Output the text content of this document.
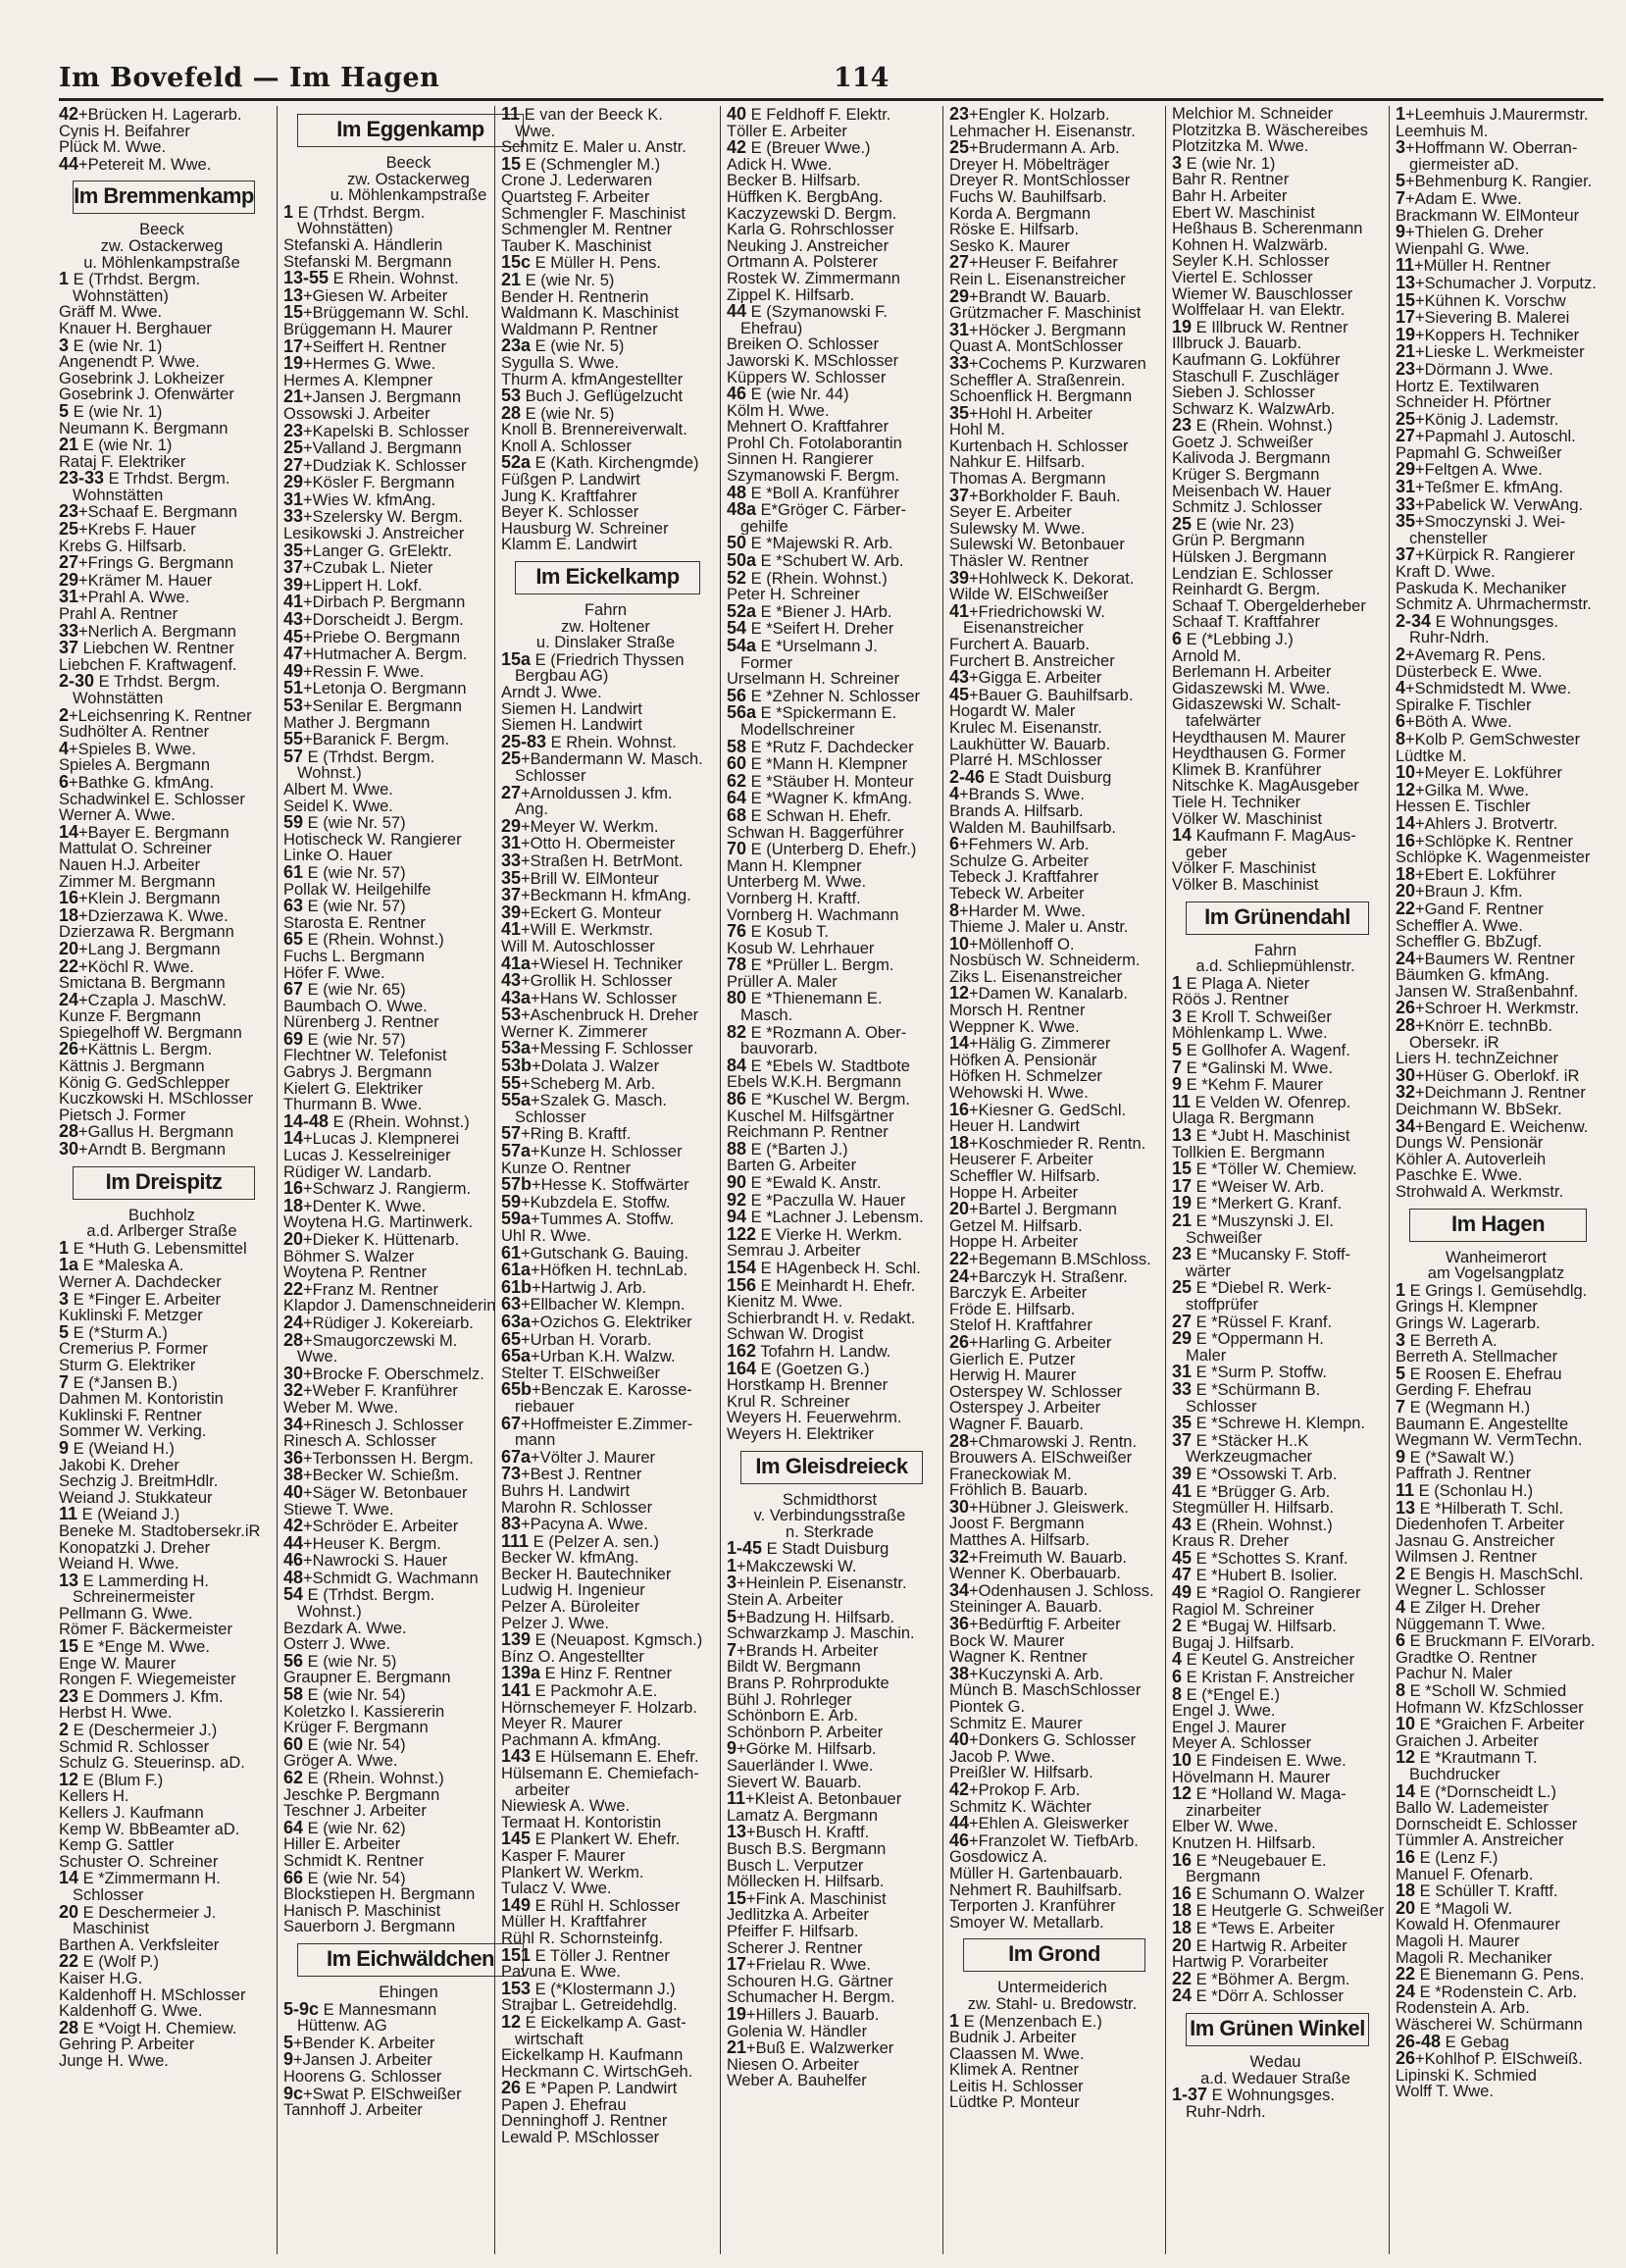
Im Bovefeld — Im Hagen	114
42+Brücken H. Lagerarb.
Cynis H. Beifahrer
Plück M. Wwe.
44+Petereit M. Wwe.
Im Bremmenkamp
Beeck
zw. Ostackerweg
u. Möhlenkampstraße
1 E (Trhdst. Bergm.
Wohnstätten)
Gräff M. Wwe.
Knauer H. Berghauer
3 E (wie Nr. 1)
Angenendt P. Wwe.
Gosebrink J. Lokheizer
Gosebrink J. Ofenwärter
5 E (wie Nr. 1)
Neumann K. Bergmann
21 E (wie Nr. 1)
Rataj F. Elektriker
23-33 E Trhdst. Bergm.
Wohnstätten
23+Schaaf E. Bergmann
25+Krebs F. Hauer
Krebs G. Hilfsarb.
27+Frings G. Bergmann
29+Krämer M. Hauer
31+Prahl A. Wwe.
Prahl A. Rentner
33+Nerlich A. Bergmann
37 Liebchen W. Rentner
Liebchen F. Kraftwagenf.
2-30 E Trhdst. Bergm.
Wohnstätten
2+Leichsenring K. Rentner
Sudhölter A. Rentner
4+Spieles B. Wwe.
Spieles A. Bergmann
6+Bathke G. kfmAng.
Schadwinkel E. Schlosser
Werner A. Wwe.
14+Bayer E. Bergmann
Mattulat O. Schreiner
Nauen H.J. Arbeiter
Zimmer M. Bergmann
16+Klein J. Bergmann
18+Dzierzawa K. Wwe.
Dzierzawa R. Bergmann
20+Lang J. Bergmann
22+Köchl R. Wwe.
Smictana B. Bergmann
24+Czapla J. MaschW.
Kunze F. Bergmann
Spiegelhoff W. Bergmann
26+Kättnis L. Bergm.
Kättnis J. Bergmann
König G. GedSchlepper
Kuczkowski H. MSchlosser
Pietsch J. Former
28+Gallus H. Bergmann
30+Arndt B. Bergmann
Im Dreispitz
Buchholz
a.d. Arlberger Straße
1 E *Huth G. Lebensmittel
1a E *Maleska A.
Werner A. Dachdecker
3 E *Finger E. Arbeiter
Kuklinski F. Metzger
5 E (*Sturm A.)
Cremerius P. Former
Sturm G. Elektriker
7 E (*Jansen B.)
Dahmen M. Kontoristin
Kuklinski F. Rentner
Sommer W. Verking.
9 E (Weiand H.)
Jakobi K. Dreher
Sechzig J. BreitmHdlr.
Weiand J. Stukkateur
11 E (Weiand J.)
Beneke M. Stadtobersekr.iR
Konopatzki J. Dreher
Weiand H. Wwe.
13 E Lammerding H.
Schreinermeister
Pellmann G. Wwe.
Römer F. Bäckermeister
15 E *Enge M. Wwe.
Enge W. Maurer
Rongen F. Wiegemeister
23 E Dommers J. Kfm.
Herbst H. Wwe.
2 E (Deschermeier J.)
Schmid R. Schlosser
Schulz G. Steuerinsp. aD.
12 E (Blum F.)
Kellers H.
Kellers J. Kaufmann
Kemp W. BbBeamter aD.
Kemp G. Sattler
Schuster O. Schreiner
14 E *Zimmermann H.
Schlosser
20 E Deschermeier J.
Maschinist
Barthen A. Verkfsleiter
22 E (Wolf P.)
Kaiser H.G.
Kaldenhoff H. MSchlosser
Kaldenhoff G. Wwe.
28 E *Voigt H. Chemiew.
Gehring P. Arbeiter
Junge H. Wwe.
Im Eggenkamp
Beeck
zw. Ostackerweg
u. Möhlenkampstraße
1 E (Trhdst. Bergm.
Wohnstätten)
Stefanski A. Händlerin
Stefanski M. Bergmann
13-55 E Rhein. Wohnst.
13+Giesen W. Arbeiter
15+Brüggemann W. Schl.
Brüggemann H. Maurer
17+Seiffert H. Rentner
19+Hermes G. Wwe.
Hermes A. Klempner
21+Jansen J. Bergmann
Ossowski J. Arbeiter
23+Kapelski B. Schlosser
25+Valland J. Bergmann
27+Dudziak K. Schlosser
29+Kösler F. Bergmann
31+Wies W. kfmAng.
33+Szelersky W. Bergm.
Lesikowski J. Anstreicher
35+Langer G. GrElektr.
37+Czubak L. Nieter
39+Lippert H. Lokf.
41+Dirbach P. Bergmann
43+Dorscheidt J. Bergm.
45+Priebe O. Bergmann
47+Hutmacher A. Bergm.
49+Ressin F. Wwe.
51+Letonja O. Bergmann
53+Senilar E. Bergmann
Mather J. Bergmann
55+Baranick F. Bergm.
57 E (Trhdst. Bergm.
Wohnst.)
Albert M. Wwe.
Seidel K. Wwe.
59 E (wie Nr. 57)
Hotischeck W. Rangierer
Linke O. Hauer
61 E (wie Nr. 57)
Pollak W. Heilgehilfe
63 E (wie Nr. 57)
Starosta E. Rentner
65 E (Rhein. Wohnst.)
Fuchs L. Bergmann
Höfer F. Wwe.
67 E (wie Nr. 65)
Baumbach O. Wwe.
Nürenberg J. Rentner
69 E (wie Nr. 57)
Flechtner W. Telefonist
Gabrys J. Bergmann
Kielert G. Elektriker
Thurmann B. Wwe.
14-48 E (Rhein. Wohnst.)
14+Lucas J. Klempnerei
Lucas J. Kesselreiniger
Rüdiger W. Landarb.
16+Schwarz J. Rangierm.
18+Denter K. Wwe.
Woytena H.G. Martinwerk.
20+Dieker K. Hüttenarb.
Böhmer S. Walzer
Woytena P. Rentner
22+Franz M. Rentner
Klapdor J. Damenschneiderin
24+Rüdiger J. Kokereiarb.
28+Smaugorczewski M.
Wwe.
30+Brocke F. Oberschmelz.
32+Weber F. Kranführer
Weber M. Wwe.
34+Rinesch J. Schlosser
Rinesch A. Schlosser
36+Terbonssen H. Bergm.
38+Becker W. Schießm.
40+Säger W. Betonbauer
Stiewe T. Wwe.
42+Schröder E. Arbeiter
44+Heuser K. Bergm.
46+Nawrocki S. Hauer
48+Schmidt G. Wachmann
54 E (Trhdst. Bergm.
Wohnst.)
Bezdark A. Wwe.
Osterr J. Wwe.
56 E (wie Nr. 5)
Graupner E. Bergmann
58 E (wie Nr. 54)
Koletzko I. Kassiererin
Krüger F. Bergmann
60 E (wie Nr. 54)
Gröger A. Wwe.
62 E (Rhein. Wohnst.)
Jeschke P. Bergmann
Teschner J. Arbeiter
64 E (wie Nr. 62)
Hiller E. Arbeiter
Schmidt K. Rentner
66 E (wie Nr. 54)
Blockstiepen H. Bergmann
Hanisch P. Maschinist
Sauerborn J. Bergmann
Im Eichwäldchen
Ehingen
5-9c E Mannesmann
Hüttenw. AG
5+Bender K. Arbeiter
9+Jansen J. Arbeiter
Hoorens G. Schlosser
9c+Swat P. ElSchweißer
Tannhoff J. Arbeiter
11 E van der Beeck K.
Wwe.
Schmitz E. Maler u. Anstr.
15 E (Schmengler M.)
Crone J. Lederwaren
Quartsteg F. Arbeiter
Schmengler F. Maschinist
Schmengler M. Rentner
Tauber K. Maschinist
15c E Müller H. Pens.
21 E (wie Nr. 5)
Bender H. Rentnerin
Waldmann K. Maschinist
Waldmann P. Rentner
23a E (wie Nr. 5)
Sygulla S. Wwe.
Thurm A. kfmAngestellter
53 Buch J. Geflügelzucht
28 E (wie Nr. 5)
Knoll B. Brennereiverwalt.
Knoll A. Schlosser
52a E (Kath. Kirchengmde)
Füßgen P. Landwirt
Jung K. Kraftfahrer
Beyer K. Schlosser
Hausburg W. Schreiner
Klamm E. Landwirt
Im Eickelkamp
Fahrn
zw. Holtener
u. Dinslaker Straße
15a E (Friedrich Thyssen
Bergbau AG)
Arndt J. Wwe.
Siemen H. Landwirt
Siemen H. Landwirt
25-83 E Rhein. Wohnst.
25+Bandermann W. Masch.
Schlosser
27+Arnoldussen J. kfm.
Ang.
29+Meyer W. Werkm.
31+Otto H. Obermeister
33+Straßen H. BetrMont.
35+Brill W. ElMonteur
37+Beckmann H. kfmAng.
39+Eckert G. Monteur
41+Will E. Werkmstr.
Will M. Autoschlosser
41a+Wiesel H. Techniker
43+Grollik H. Schlosser
43a+Hans W. Schlosser
53+Aschenbruck H. Dreher
Werner K. Zimmerer
53a+Messing F. Schlosser
53b+Dolata J. Walzer
55+Scheberg M. Arb.
55a+Szalek G. Masch.
Schlosser
57+Ring B. Kraftf.
57a+Kunze H. Schlosser
Kunze O. Rentner
57b+Hesse K. Stoffwärter
59+Kubzdela E. Stoffw.
59a+Tummes A. Stoffw.
Uhl R. Wwe.
61+Gutschank G. Bauing.
61a+Höfken H. technLab.
61b+Hartwig J. Arb.
63+Ellbacher W. Klempn.
63a+Ozichos G. Elektriker
65+Urban H. Vorarb.
65a+Urban K.H. Walzw.
Stelter T. ElSchweißer
65b+Benczak E. Karosse-
riebauer
67+Hoffmeister E.Zimmer-
mann
67a+Völter J. Maurer
73+Best J. Rentner
Buhrs H. Landwirt
Marohn R. Schlosser
83+Pacyna A. Wwe.
111 E (Pelzer A. sen.)
Becker W. kfmAng.
Becker H. Bautechniker
Ludwig H. Ingenieur
Pelzer A. Büroleiter
Pelzer J. Wwe.
139 E (Neuapost. Kgmsch.)
Bínz O. Angestellter
139a E Hinz F. Rentner
141 E Packmohr A.E.
Hörnschemeyer F. Holzarb.
Meyer R. Maurer
Pachmann A. kfmAng.
143 E Hülsemann E. Ehefr.
Hülsemann E. Chemiefach-
arbeiter
Niewiesk A. Wwe.
Termaat H. Kontoristin
145 E Plankert W. Ehefr.
Kasper F. Maurer
Plankert W. Werkm.
Tulacz V. Wwe.
149 E Rühl H. Schlosser
Müller H. Kraftfahrer
Rühl R. Schornsteinfg.
151 E Töller J. Rentner
Pavuna E. Wwe.
153 E (*Klostermann J.)
Strajbar L. Getreidehdlg.
12 E Eickelkamp A. Gast-
wirtschaft
Eickelkamp H. Kaufmann
Heckmann C. WirtschGeh.
26 E *Papen P. Landwirt
Papen J. Ehefrau
Denninghoff J. Rentner
Lewald P. MSchlosser
40 E Feldhoff F. Elektr.
Töller E. Arbeiter
42 E (Breuer Wwe.)
Adick H. Wwe.
Becker B. Hilfsarb.
Hüffken K. BergbAng.
Kaczyzewski D. Bergm.
Karla G. Rohrschlosser
Neuking J. Anstreicher
Ortmann A. Polsterer
Rostek W. Zimmermann
Zippel K. Hilfsarb.
44 E (Szymanowski F.
Ehefrau)
Breiken O. Schlosser
Jaworski K. MSchlosser
Küppers W. Schlosser
46 E (wie Nr. 44)
Kölm H. Wwe.
Mehnert O. Kraftfahrer
Prohl Ch. Fotolaborantin
Sinnen H. Rangierer
Szymanowski F. Bergm.
48 E *Boll A. Kranführer
48a E*Gröger C. Färber-
gehilfe
50 E *Majewski R. Arb.
50a E *Schubert W. Arb.
52 E (Rhein. Wohnst.)
Peter H. Schreiner
52a E *Biener J. HArb.
54 E *Seifert H. Dreher
54a E *Urselmann J.
Former
Urselmann H. Schreiner
56 E *Zehner N. Schlosser
56a E *Spickermann E.
Modellschreiner
58 E *Rutz F. Dachdecker
60 E *Mann H. Klempner
62 E *Stäuber H. Monteur
64 E *Wagner K. kfmAng.
68 E Schwan H. Ehefr.
Schwan H. Baggerführer
70 E (Unterberg D. Ehefr.)
Mann H. Klempner
Unterberg M. Wwe.
Vornberg H. Kraftf.
Vornberg H. Wachmann
76 E Kosub T.
Kosub W. Lehrhauer
78 E *Prüller L. Bergm.
Prüller A. Maler
80 E *Thienemann E.
Masch.
82 E *Rozmann A. Ober-
bauvorarb.
84 E *Ebels W. Stadtbote
Ebels W.K.H. Bergmann
86 E *Kuschel W. Bergm.
Kuschel M. Hilfsgärtner
Reichmann P. Rentner
88 E (*Barten J.)
Barten G. Arbeiter
90 E *Ewald K. Anstr.
92 E *Paczulla W. Hauer
94 E *Lachner J. Lebensm.
122 E Vierke H. Werkm.
Semrau J. Arbeiter
154 E HAgenbeck H. Schl.
156 E Meinhardt H. Ehefr.
Kienitz M. Wwe.
Schierbrandt H. v. Redakt.
Schwan W. Drogist
162 Tofahrn H. Landw.
164 E (Goetzen G.)
Horstkamp H. Brenner
Krul R. Schreiner
Weyers H. Feuerwehrm.
Weyers H. Elektriker
Im Gleisdreieck
Schmidthorst
v. Verbindungsstraße
n. Sterkrade
1-45 E Stadt Duisburg
1+Makczewski W.
3+Heinlein P. Eisenanstr.
Stein A. Arbeiter
5+Badzung H. Hilfsarb.
Schwarzkamp J. Maschin.
7+Brands H. Arbeiter
Bildt W. Bergmann
Brans P. Rohrprodukte
Bühl J. Rohrleger
Schönborn E. Arb.
Schönborn P. Arbeiter
9+Görke M. Hilfsarb.
Sauerländer I. Wwe.
Sievert W. Bauarb.
11+Kleist A. Betonbauer
Lamatz A. Bergmann
13+Busch H. Kraftf.
Busch B.S. Bergmann
Busch L. Verputzer
Möllecken H. Hilfsarb.
15+Fink A. Maschinist
Jedlitzka A. Arbeiter
Pfeiffer F. Hilfsarb.
Scherer J. Rentner
17+Frielau R. Wwe.
Schouren H.G. Gärtner
Schumacher H. Bergm.
19+Hillers J. Bauarb.
Golenia W. Händler
21+Buß E. Walzwerker
Niesen O. Arbeiter
Weber A. Bauhelfer
23+Engler K. Holzarb.
Lehmacher H. Eisenanstr.
25+Brudermann A. Arb.
Dreyer H. Möbelträger
Dreyer R. MontSchlosser
Fuchs W. Bauhilfsarb.
Korda A. Bergmann
Röske E. Hilfsarb.
Sesko K. Maurer
27+Heuser F. Beifahrer
Rein L. Eisenanstreicher
29+Brandt W. Bauarb.
Grützmacher F. Maschinist
31+Höcker J. Bergmann
Quast A. MontSchlosser
33+Cochems P. Kurzwaren
Scheffler A. Straßenrein.
Schoenflick H. Bergmann
35+Hohl H. Arbeiter
Hohl M.
Kurtenbach H. Schlosser
Nahkur E. Hilfsarb.
Thomas A. Bergmann
37+Borkholder F. Bauh.
Seyer E. Arbeiter
Sulewsky M. Wwe.
Sulewski W. Betonbauer
Thäsler W. Rentner
39+Hohlweck K. Dekorat.
Wilde W. ElSchweißer
41+Friedrichowski W.
Eisenanstreicher
Furchert A. Bauarb.
Furchert B. Anstreicher
43+Gigga E. Arbeiter
45+Bauer G. Bauhilfsarb.
Hogardt W. Maler
Krulec M. Eisenanstr.
Laukhütter W. Bauarb.
Plarré H. MSchlosser
2-46 E Stadt Duisburg
4+Brands S. Wwe.
Brands A. Hilfsarb.
Walden M. Bauhilfsarb.
6+Fehmers W. Arb.
Schulze G. Arbeiter
Tebeck J. Kraftfahrer
Tebeck W. Arbeiter
8+Harder M. Wwe.
Thieme J. Maler u. Anstr.
10+Möllenhoff O.
Nosbüsch W. Schneiderm.
Ziks L. Eisenanstreicher
12+Damen W. Kanalarb.
Morsch H. Rentner
Weppner K. Wwe.
14+Hälig G. Zimmerer
Höfken A. Pensionär
Höfken H. Schmelzer
Wehowski H. Wwe.
16+Kiesner G. GedSchl.
Heuer H. Landwirt
18+Koschmieder R. Rentn.
Heuserer F. Arbeiter
Scheffler W. Hilfsarb.
Hoppe H. Arbeiter
20+Bartel J. Bergmann
Getzel M. Hilfsarb.
Hoppe H. Arbeiter
22+Begemann B.MSchloss.
24+Barczyk H. Straßenr.
Barczyk E. Arbeiter
Fröde E. Hilfsarb.
Stelof H. Kraftfahrer
26+Harling G. Arbeiter
Gierlich E. Putzer
Herwig H. Maurer
Osterspey W. Schlosser
Osterspey J. Arbeiter
Wagner F. Bauarb.
28+Chmarowski J. Rentn.
Brouwers A. ElSchweißer
Franeckowiak M.
Fröhlich B. Bauarb.
30+Hübner J. Gleiswerk.
Joost F. Bergmann
Matthes A. Hilfsarb.
32+Freimuth W. Bauarb.
Wenner K. Oberbauarb.
34+Odenhausen J. Schloss.
Steininger A. Bauarb.
36+Bedürftig F. Arbeiter
Bock W. Maurer
Wagner K. Rentner
38+Kuczynski A. Arb.
Münch B. MaschSchlosser
Piontek G.
Schmitz E. Maurer
40+Donkers G. Schlosser
Jacob P. Wwe.
Preißler W. Hilfsarb.
42+Prokop F. Arb.
Schmitz K. Wächter
44+Ehlen A. Gleiswerker
46+Franzolet W. TiefbArb.
Gosdowicz A.
Müller H. Gartenbauarb.
Nehmert R. Bauhilfsarb.
Terporten J. Kranführer
Smoyer W. Metallarb.
Im Grond
Untermeiderich
zw. Stahl- u. Bredowstr.
1 E (Menzenbach E.)
Budnik J. Arbeiter
Claassen M. Wwe.
Klimek A. Rentner
Leitis H. Schlosser
Lüdtke P. Monteur
Melchior M. Schneider
Plotzitzka B. Wäschereibes
Plotzitzka M. Wwe.
3 E (wie Nr. 1)
Bahr R. Rentner
Bahr H. Arbeiter
Ebert W. Maschinist
Heßhaus B. Scherenmann
Kohnen H. Walzwärb.
Seyler K.H. Schlosser
Viertel E. Schlosser
Wiemer W. Bauschlosser
Wolffelaar H. van Elektr.
19 E Illbruck W. Rentner
Illbruck J. Bauarb.
Kaufmann G. Lokführer
Staschull F. Zuschläger
Sieben J. Schlosser
Schwarz K. WalzwArb.
23 E (Rhein. Wohnst.)
Goetz J. Schweißer
Kalivoda J. Bergmann
Krüger S. Bergmann
Meisenbach W. Hauer
Schmitz J. Schlosser
25 E (wie Nr. 23)
Grün P. Bergmann
Hülsken J. Bergmann
Lendzian E. Schlosser
Reinhardt G. Bergm.
Schaaf T. Obergelderheber
Schaaf T. Kraftfahrer
6 E (*Lebbing J.)
Arnold M.
Berlemann H. Arbeiter
Gidaszewski M. Wwe.
Gidaszewski W. Schalt-
tafelwärter
Heydthausen M. Maurer
Heydthausen G. Former
Klimek B. Kranführer
Nitschke K. MagAusgeber
Tiele H. Techniker
Völker W. Maschinist
14 Kaufmann F. MagAus-
geber
Völker F. Maschinist
Völker B. Maschinist
Im Grünendahl
Fahrn
a.d. Schliepmühlenstr.
1 E Plaga A. Nieter
Röös J. Rentner
3 E Kroll T. Schweißer
Möhlenkamp L. Wwe.
5 E Gollhofer A. Wagenf.
7 E *Galinski M. Wwe.
9 E *Kehm F. Maurer
11 E Velden W. Ofenrep.
Ulaga R. Bergmann
13 E *Jubt H. Maschinist
Tollkien E. Bergmann
15 E *Töller W. Chemiew.
17 E *Weiser W. Arb.
19 E *Merkert G. Kranf.
21 E *Muszynski J. El.
Schweißer
23 E *Mucansky F. Stoff-
wärter
25 E *Diebel R. Werk-
stoffprüfer
27 E *Rüssel F. Kranf.
29 E *Oppermann H.
Maler
31 E *Surm P. Stoffw.
33 E *Schürmann B.
Schlosser
35 E *Schrewe H. Klempn.
37 E *Stäcker H..K
Werkzeugmacher
39 E *Ossowski T. Arb.
41 E *Brügger G. Arb.
Stegmüller H. Hilfsarb.
43 E (Rhein. Wohnst.)
Kraus R. Dreher
45 E *Schottes S. Kranf.
47 E *Hubert B. Isolier.
49 E *Ragiol O. Rangierer
Ragiol M. Schreiner
2 E *Bugaj W. Hilfsarb.
Bugaj J. Hilfsarb.
4 E Keutel G. Anstreicher
6 E Kristan F. Anstreicher
8 E (*Engel E.)
Engel J. Wwe.
Engel J. Maurer
Meyer A. Schlosser
10 E Findeisen E. Wwe.
Hövelmann H. Maurer
12 E *Holland W. Maga-
zinarbeiter
Elber W. Wwe.
Knutzen H. Hilfsarb.
16 E *Neugebauer E.
Bergmann
16 E Schumann O. Walzer
18 E Heutgerle G. Schweißer
18 E *Tews E. Arbeiter
20 E Hartwig R. Arbeiter
Hartwig P. Vorarbeiter
22 E *Böhmer A. Bergm.
24 E *Dörr A. Schlosser
Im Grünen Winkel
Wedau
a.d. Wedauer Straße
1-37 E Wohnungsges.
Ruhr-Ndrh.
1+Leemhuis J.Maurermstr.
Leemhuis M.
3+Hoffmann W. Oberran-
giermeister aD.
5+Behmenburg K. Rangier.
7+Adam E. Wwe.
Brackmann W. ElMonteur
9+Thielen G. Dreher
Wienpahl G. Wwe.
11+Müller H. Rentner
13+Schumacher J. Vorputz.
15+Kühnen K. Vorschw
17+Sievering B. Malerei
19+Koppers H. Techniker
21+Lieske L. Werkmeister
23+Dörmann J. Wwe.
Hortz E. Textilwaren
Schneider H. Pförtner
25+König J. Lademstr.
27+Papmahl J. Autoschl.
Papmahl G. Schweißer
29+Feltgen A. Wwe.
31+Teßmer E. kfmAng.
33+Pabelick W. VerwAng.
35+Smoczynski J. Wei-
chensteller
37+Kürpick R. Rangierer
Kraft D. Wwe.
Paskuda K. Mechaniker
Schmitz A. Uhrmachermstr.
2-34 E Wohnungsges.
Ruhr-Ndrh.
2+Avemarg R. Pens.
Düsterbeck E. Wwe.
4+Schmidstedt M. Wwe.
Spiralke F. Tischler
6+Böth A. Wwe.
8+Kolb P. GemSchwester
Lüdtke M.
10+Meyer E. Lokführer
12+Gilka M. Wwe.
Hessen E. Tischler
14+Ahlers J. Brotvertr.
16+Schlöpke K. Rentner
Schlöpke K. Wagenmeister
18+Ebert E. Lokführer
20+Braun J. Kfm.
22+Gand F. Rentner
Scheffler A. Wwe.
Scheffler G. BbZugf.
24+Baumers W. Rentner
Bäumken G. kfmAng.
Jansen W. Straßenbahnf.
26+Schroer H. Werkmstr.
28+Knörr E. technBb.
Obersekr. iR
Liers H. technZeichner
30+Hüser G. Oberlokf. iR
32+Deichmann J. Rentner
Deichmann W. BbSekr.
34+Bengard E. Weichenw.
Dungs W. Pensionär
Köhler A. Autoverleih
Paschke E. Wwe.
Strohwald A. Werkmstr.
Im Hagen
Wanheimerort
am Vogelsangplatz
1 E Grings I. Gemüsehdlg.
Grings H. Klempner
Grings W. Lagerarb.
3 E Berreth A.
Berreth A. Stellmacher
5 E Roosen E. Ehefrau
Gerding F. Ehefrau
7 E (Wegmann H.)
Baumann E. Angestellte
Wegmann W. VermTechn.
9 E (*Sawalt W.)
Paffrath J. Rentner
11 E (Schonlau H.)
13 E *Hilberath T. Schl.
Diedenhofen T. Arbeiter
Jasnau G. Anstreicher
Wilmsen J. Rentner
2 E Bengis H. MaschSchl.
Wegner L. Schlosser
4 E Zilger H. Dreher
Nüggemann T. Wwe.
6 E Bruckmann F. ElVorarb.
Gradtke O. Rentner
Pachur N. Maler
8 E *Scholl W. Schmied
Hofmann W. KfzSchlosser
10 E *Graichen F. Arbeiter
Graichen J. Arbeiter
12 E *Krautmann T.
Buchdrucker
14 E (*Dornscheidt L.)
Ballo W. Lademeister
Dornscheidt E. Schlosser
Tümmler A. Anstreicher
16 E (Lenz F.)
Manuel F. Ofenarb.
18 E Schüller T. Kraftf.
20 E *Magoli W.
Kowald H. Ofenmaurer
Magoli H. Maurer
Magoli R. Mechaniker
22 E Bienemann G. Pens.
24 E *Rodenstein C. Arb.
Rodenstein A. Arb.
Wäscherei W. Schürmann
26-48 E Gebag
26+Kohlhof P. ElSchweiß.
Lipinski K. Schmied
Wolff T. Wwe.
